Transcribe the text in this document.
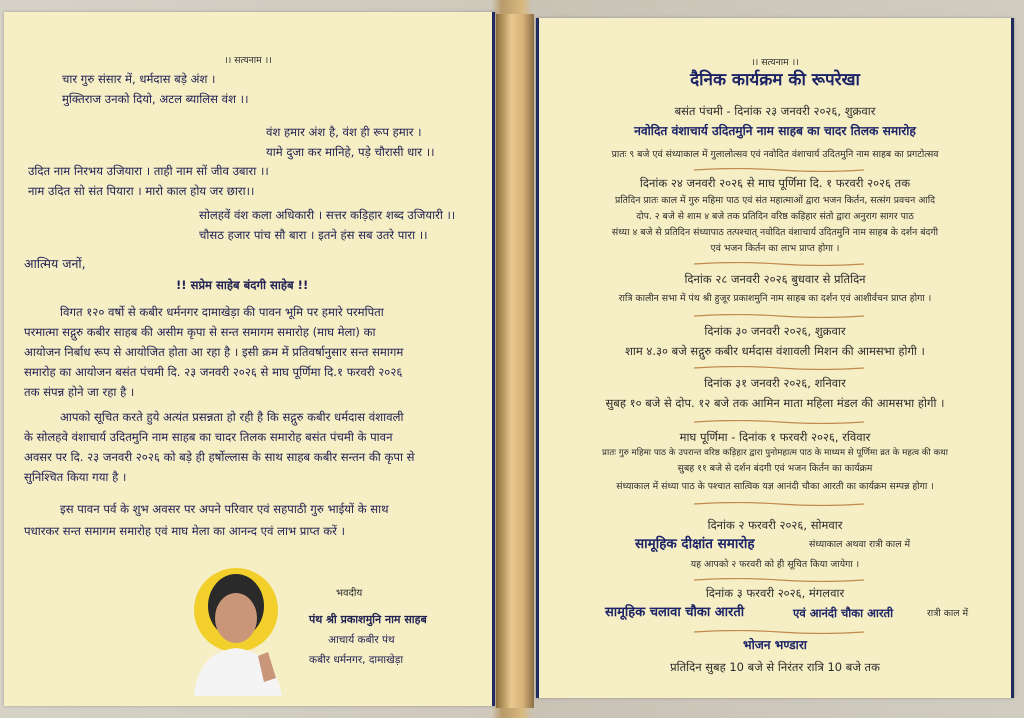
।। सत्यनाम ।।
चार गुरु संसार में, धर्मदास बड़े अंश ।
मुक्तिराज उनको दियो, अटल ब्यालिस वंश ।।
वंश हमार अंश है, वंश ही रूप हमार ।
यामे दुजा कर मानिहे, पड़े चौरासी धार ।।
उदित नाम निरभय उजियारा । ताही नाम सों जीव उबारा ।।
नाम उदित सो संत पियारा । मारो काल होय जर छारा।।
सोलहवें वंश कला अधिकारी । सत्तर कड़िहार शब्द उजियारी ।।
चौसठ हजार पांच सौ बारा । इतने हंस सब उतरे पारा ।।
आत्मिय जनों,
!! सप्रेम साहेब बंदगी साहेब !!
विगत १२० वर्षो से कबीर धर्मनगर दामाखेड़ा की पावन भूमि पर हमारे परमपिता
परमात्मा सद्गुरु कबीर साहब की असीम कृपा से सन्त समागम समारोह (माघ मेला) का
आयोजन निर्बाध रूप से आयोजित होता आ रहा है । इसी क्रम में प्रतिवर्षानुसार सन्त समागम
समारोह का आयोजन बसंत पंचमी दि. २३ जनवरी २०२६ से माघ पूर्णिमा दि.१ फरवरी २०२६
तक संपन्न होने जा रहा है ।
आपको सूचित करते हुये अत्यंत प्रसन्नता हो रही है कि सद्गुरु कबीर धर्मदास वंशावली
के सोलहवे वंशाचार्य उदितमुनि नाम साहब का चादर तिलक समारोह बसंत पंचमी के पावन
अवसर पर दि. २३ जनवरी २०२६ को बड़े ही हर्षोल्लास के साथ साहब कबीर सन्तन की कृपा से
सुनिश्चित किया गया है ।
इस पावन पर्व के शुभ अवसर पर अपने परिवार एवं सहपाठी गुरु भाईयों के साथ
पधारकर सन्त समागम समारोह एवं माघ मेला का आनन्द एवं लाभ प्राप्त करें ।
भवदीय
पंथ श्री प्रकाशमुनि नाम साहब
आचार्य कबीर पंथ
कबीर धर्मनगर, दामाखेड़ा
।। सत्यनाम ।।
दैनिक कार्यक्रम की रूपरेखा
बसंत पंचमी - दिनांक २३ जनवरी २०२६, शुक्रवार
नवोदित वंशाचार्य उदितमुनि नाम साहब का चादर तिलक समारोह
प्रातः ९ बजे एवं संध्याकाल में गुलालोत्सव एवं नवोदित वंशाचार्य उदितमुनि नाम साहब का प्रगटोत्सव
दिनांक २४ जनवरी २०२६ से माघ पूर्णिमा दि. १ फरवरी २०२६ तक
प्रतिदिन प्रातः काल में गुरु महिमा पाठ एवं संत महात्माओं द्वारा भजन किर्तन, सत्संग प्रवचन आदि
दोप. २ बजे से शाम ४ बजे तक प्रतिदिन वरिष्ठ कड़िहार संतो द्वारा अनुराग सागर पाठ
संध्या ४ बजे से प्रतिदिन संध्यापाठ तत्पश्चात् नवोदित वंशाचार्य उदितमुनि नाम साहब के दर्शन बंदगी
एवं भजन किर्तन का लाभ प्राप्त होगा ।
दिनांक २८ जनवरी २०२६ बुधवार से प्रतिदिन
रात्रि कालीन सभा में पंथ श्री हुजूर प्रकाशमुनि नाम साहब का दर्शन एवं आशीर्वचन प्राप्त होगा ।
दिनांक ३० जनवरी २०२६, शुक्रवार
शाम ४.३० बजे सद्गुरु कबीर धर्मदास वंशावली मिशन की आमसभा होगी ।
दिनांक ३१ जनवरी २०२६, शनिवार
सुबह १० बजे से दोप. १२ बजे तक आमिन माता महिला मंडल की आमसभा होगी ।
माघ पूर्णिमा - दिनांक १ फरवरी २०२६, रविवार
प्रातः गुरु महिमा पाठ के उपरान्त वरिष्ठ कड़िहार द्वारा पुनोमहात्म पाठ के माध्यम से पूर्णिमा व्रत के महत्व की कथा
सुबह ११ बजे से दर्शन बंदगी एवं भजन किर्तन का कार्यक्रम
संध्याकाल में संध्या पाठ के पश्चात सात्विक यज्ञ आनंदी चौका आरती का कार्यक्रम सम्पन्न होगा ।
दिनांक २ फरवरी २०२६, सोमवार
सामूहिक दीक्षांत समारोह	संध्याकाल अथवा रात्री काल में
यह आपको २ फरवरी को ही सूचित किया जायेगा ।
दिनांक ३ फरवरी २०२६, मंगलवार
सामूहिक चलावा चौका आरती	एवं आनंदी चौका आरती	रात्री काल में
भोजन भण्डारा
प्रतिदिन सुबह 10 बजे से निरंतर रात्रि 10 बजे तक
